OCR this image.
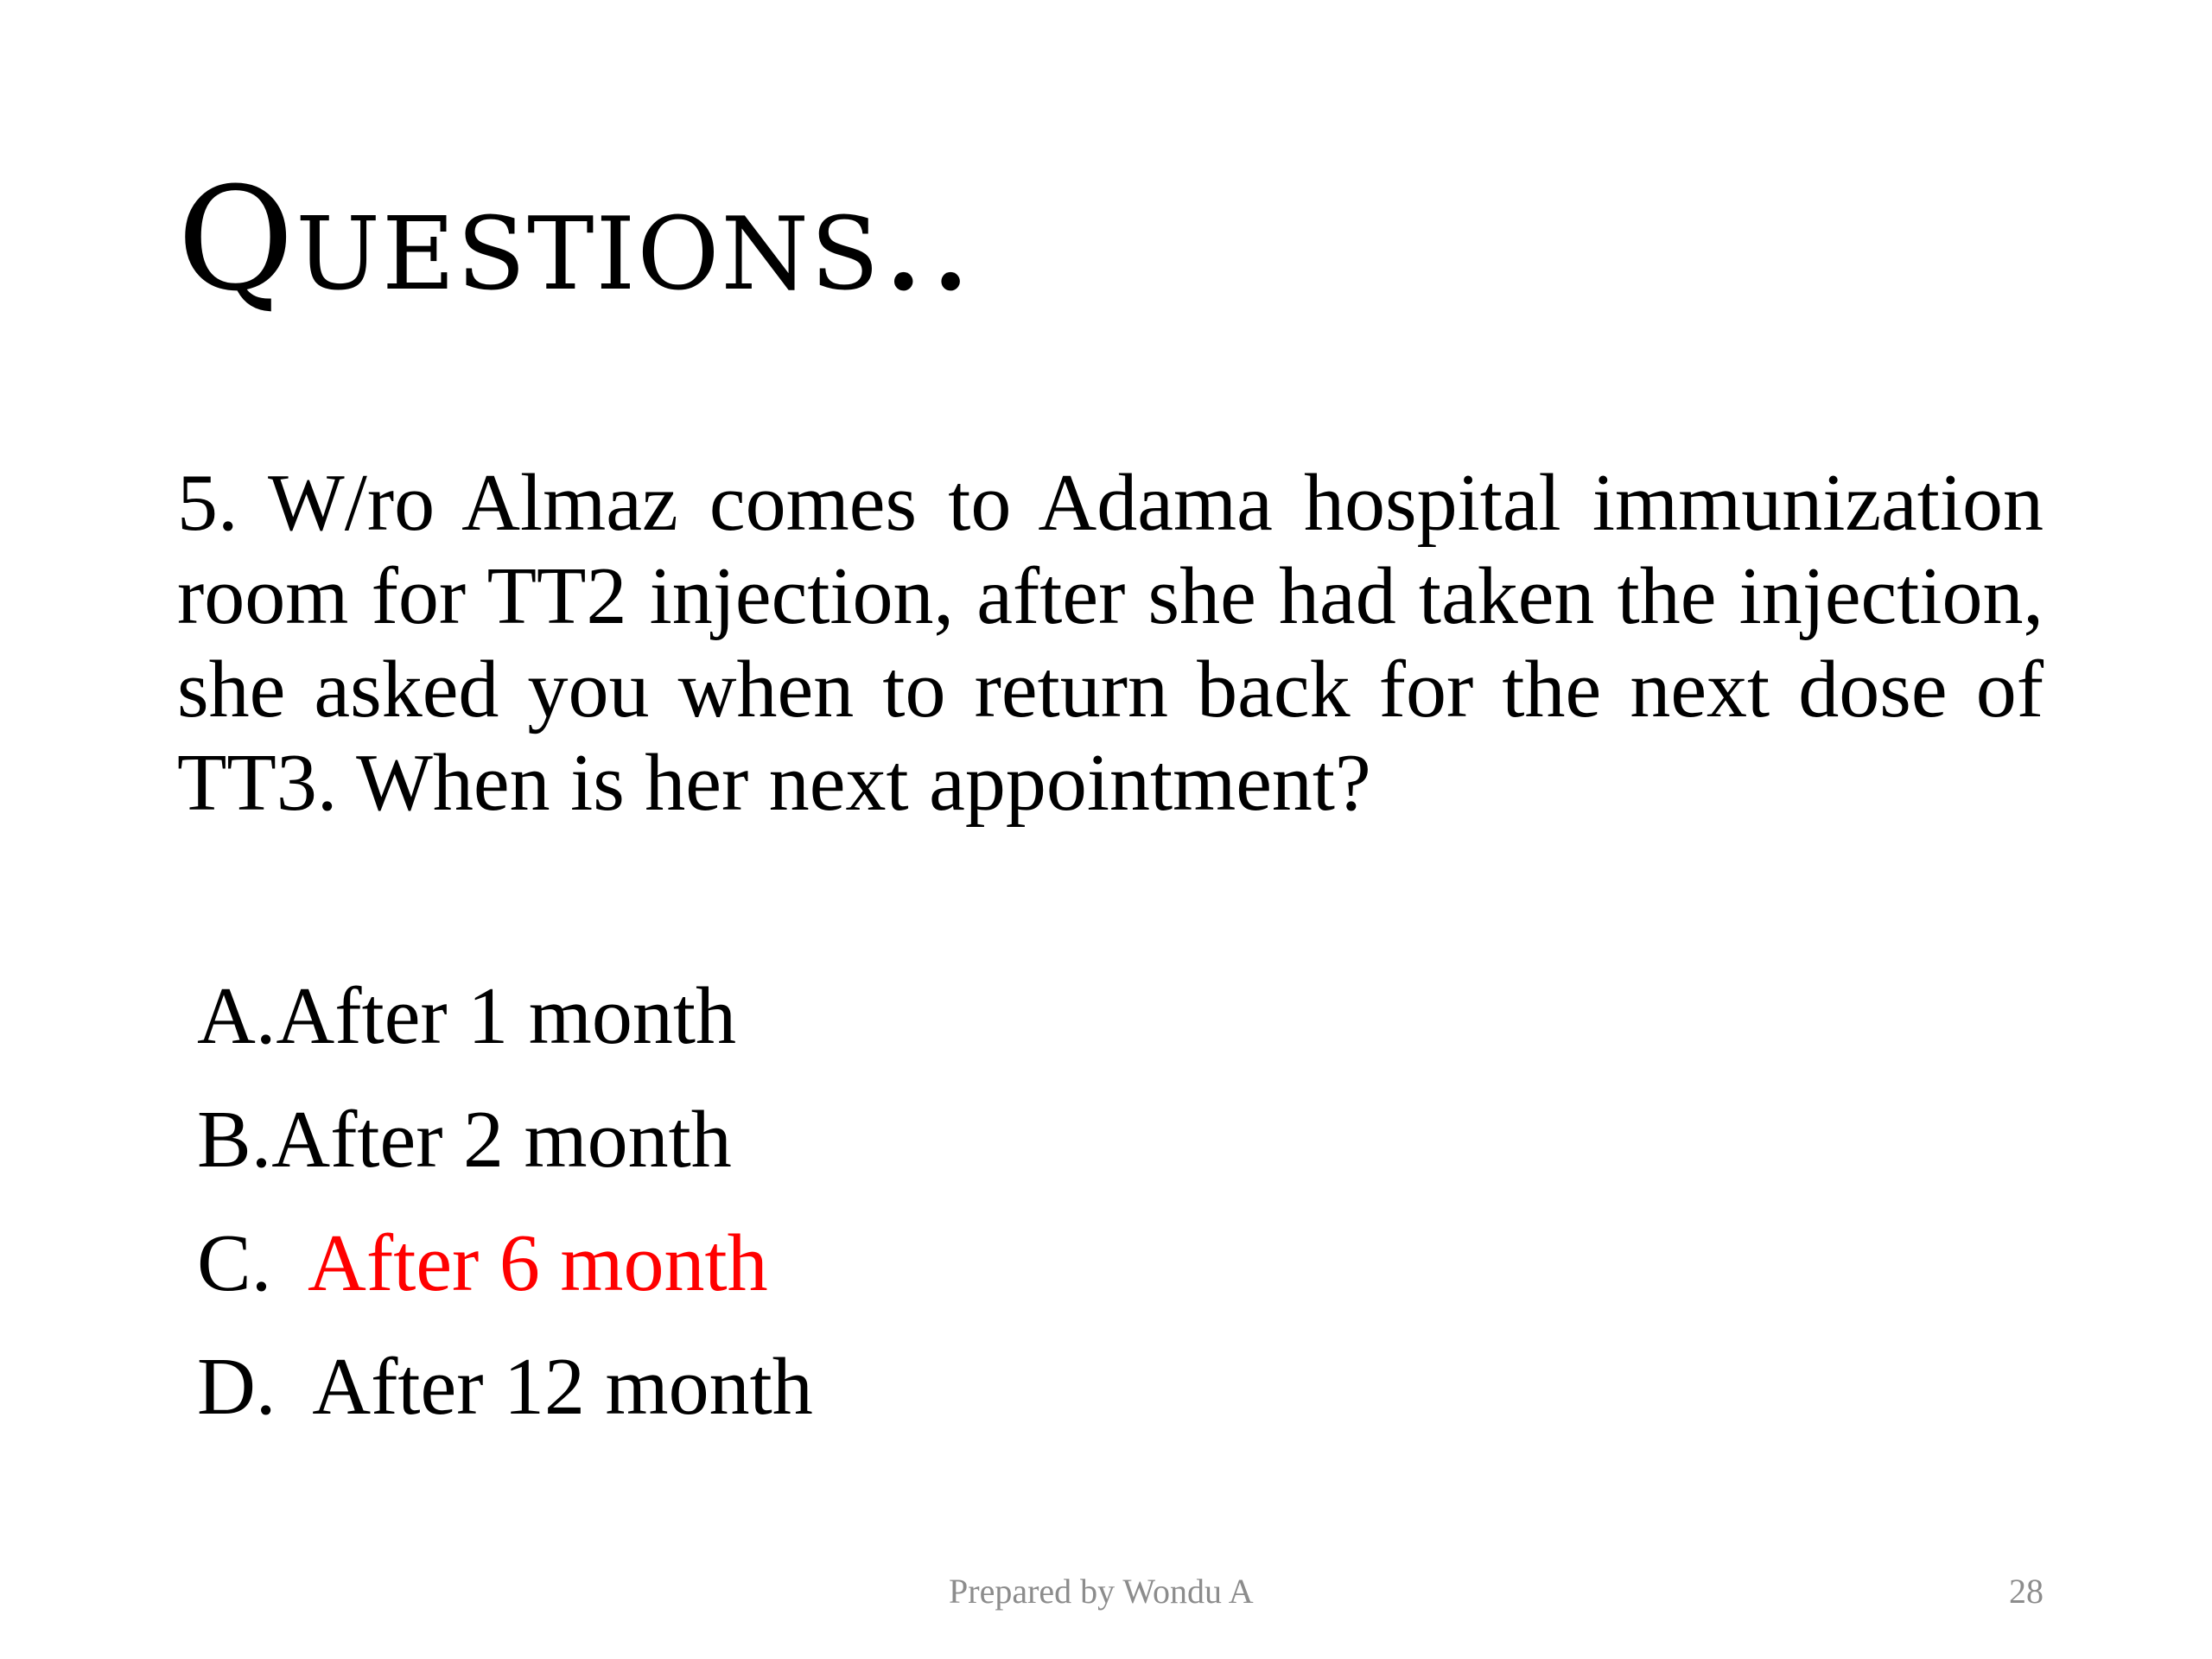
Questions..

5. W/ro Almaz comes to Adama hospital immunization room for TT2 injection, after she had taken the injection, she asked you when to return back for the next dose of TT3. When is her next appointment?

A.After 1 month
B.After 2 month
C. After 6 month
D. After 12 month
Prepared by Wondu A	28
